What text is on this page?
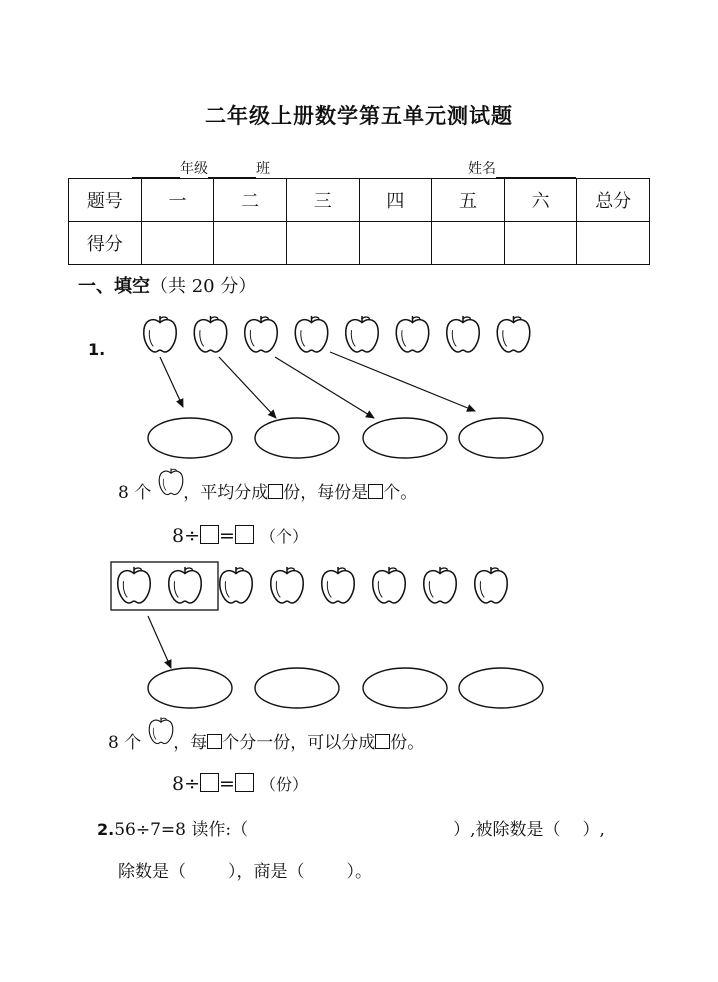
二年级上册数学第五单元测试题
年级	班	姓名
题号	一	二	三	四	五	六	总分
得分							
一、填空（共 20 分）
1.
8 个 ，平均分成 份，每份是 个。
8÷ = （个）
8 个 ，每 个分一份，可以分成 份。
8÷ = （份）
2.56÷7=8 读作:（	）,被除数是（ ）,
除数是（ ），商是（ ）。
